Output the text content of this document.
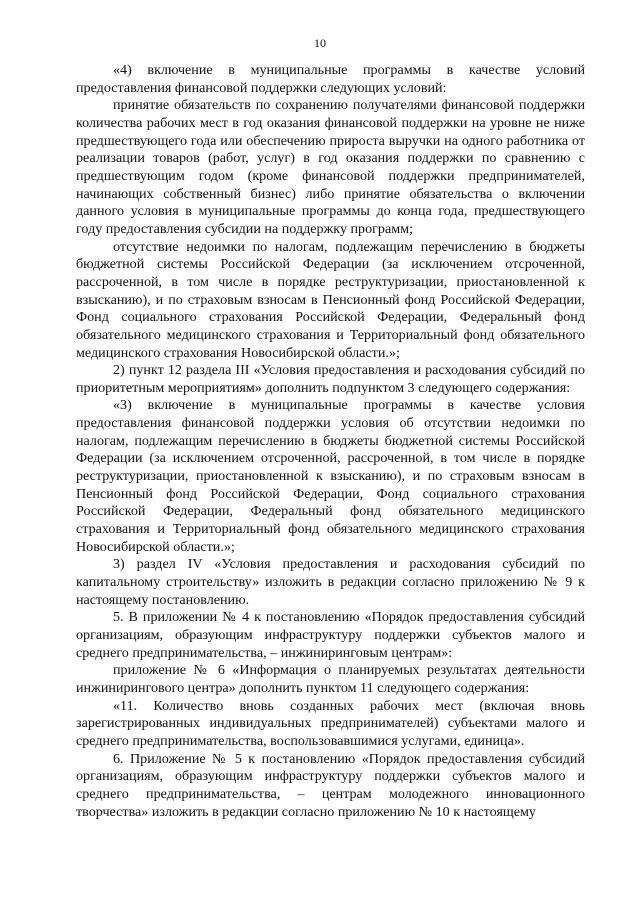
10

«4) включение в муниципальные программы в качестве условий предоставления финансовой поддержки следующих условий:

принятие обязательств по сохранению получателями финансовой поддержки количества рабочих мест в год оказания финансовой поддержки на уровне не ниже предшествующего года или обеспечению прироста выручки на одного работника от реализации товаров (работ, услуг) в год оказания поддержки по сравнению с предшествующим годом (кроме финансовой поддержки предпринимателей, начинающих собственный бизнес) либо принятие обязательства о включении данного условия в муниципальные программы до конца года, предшествующего году предоставления субсидии на поддержку программ;

отсутствие недоимки по налогам, подлежащим перечислению в бюджеты бюджетной системы Российской Федерации (за исключением отсроченной, рассроченной, в том числе в порядке реструктуризации, приостановленной к взысканию), и по страховым взносам в Пенсионный фонд Российской Федерации, Фонд социального страхования Российской Федерации, Федеральный фонд обязательного медицинского страхования и Территориальный фонд обязательного медицинского страхования Новосибирской области.»;

2) пункт 12 раздела III «Условия предоставления и расходования субсидий по приоритетным мероприятиям» дополнить подпунктом 3 следующего содержания:

«3) включение в муниципальные программы в качестве условия предоставления финансовой поддержки условия об отсутствии недоимки по налогам, подлежащим перечислению в бюджеты бюджетной системы Российской Федерации (за исключением отсроченной, рассроченной, в том числе в порядке реструктуризации, приостановленной к взысканию), и по страховым взносам в Пенсионный фонд Российской Федерации, Фонд социального страхования Российской Федерации, Федеральный фонд обязательного медицинского страхования и Территориальный фонд обязательного медицинского страхования Новосибирской области.»;

3) раздел IV «Условия предоставления и расходования субсидий по капитальному строительству» изложить в редакции согласно приложению № 9 к настоящему постановлению.

5. В приложении № 4 к постановлению «Порядок предоставления субсидий организациям, образующим инфраструктуру поддержки субъектов малого и среднего предпринимательства, – инжиниринговым центрам»:

приложение № 6 «Информация о планируемых результатах деятельности инжинирингового центра» дополнить пунктом 11 следующего содержания:

«11. Количество вновь созданных рабочих мест (включая вновь зарегистрированных индивидуальных предпринимателей) субъектами малого и среднего предпринимательства, воспользовавшимися услугами, единица».

6. Приложение № 5 к постановлению «Порядок предоставления субсидий организациям, образующим инфраструктуру поддержки субъектов малого и среднего предпринимательства, – центрам молодежного инновационного творчества» изложить в редакции согласно приложению № 10 к настоящему
